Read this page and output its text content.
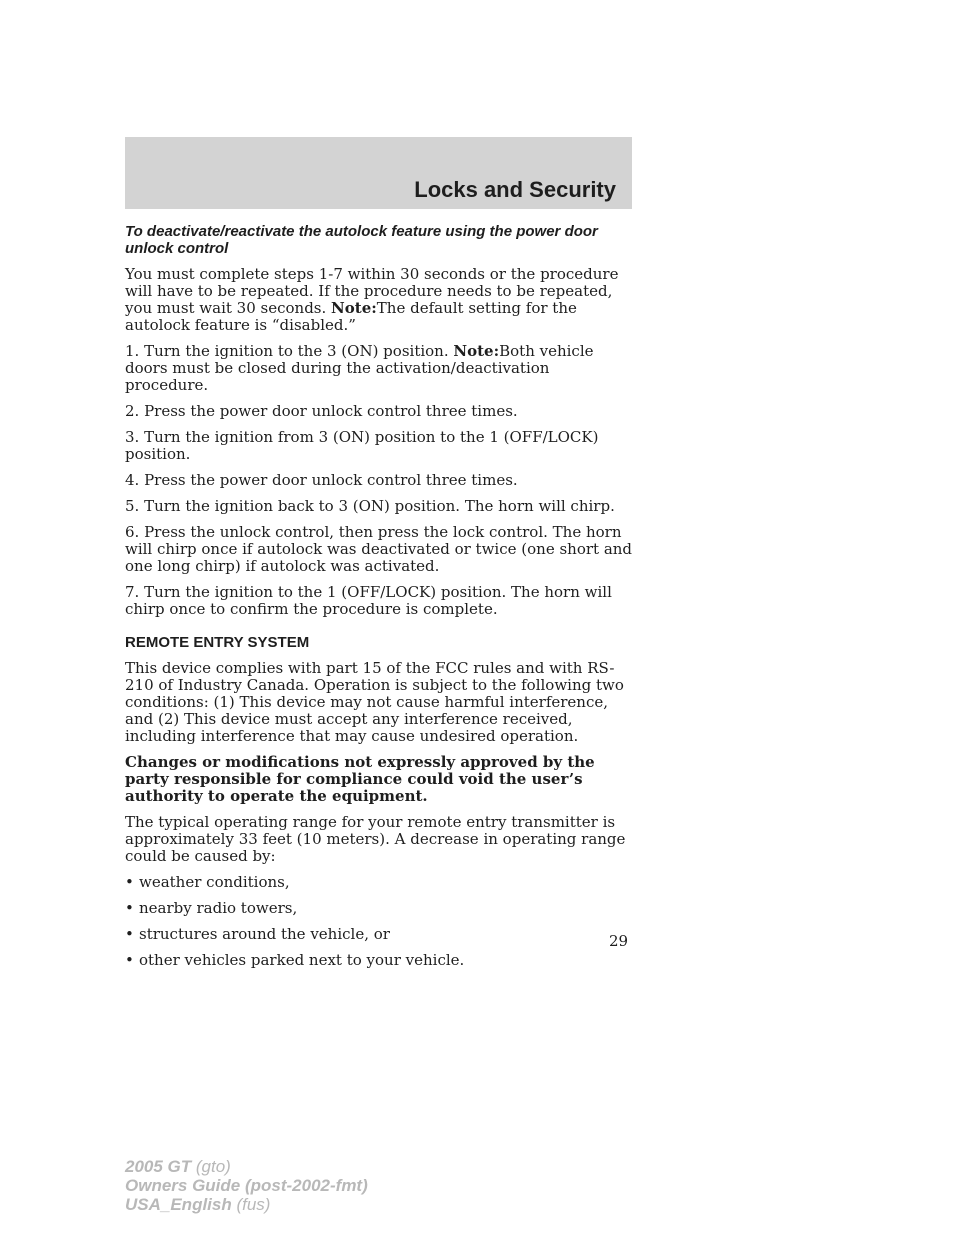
Locks and Security
To deactivate/reactivate the autolock feature using the power door
unlock control

You must complete steps 1-7 within 30 seconds or the procedure will have to be repeated. If the procedure needs to be repeated, you must wait 30 seconds. Note:The default setting for the autolock feature is “disabled.”

1. Turn the ignition to the 3 (ON) position. Note:Both vehicle doors must be closed during the activation/deactivation procedure.

2. Press the power door unlock control three times.

3. Turn the ignition from 3 (ON) position to the 1 (OFF/LOCK) position.

4. Press the power door unlock control three times.

5. Turn the ignition back to 3 (ON) position. The horn will chirp.

6. Press the unlock control, then press the lock control. The horn will chirp once if autolock was deactivated or twice (one short and one long chirp) if autolock was activated.

7. Turn the ignition to the 1 (OFF/LOCK) position. The horn will chirp once to confirm the procedure is complete.

REMOTE ENTRY SYSTEM

This device complies with part 15 of the FCC rules and with RS-210 of Industry Canada. Operation is subject to the following two conditions: (1) This device may not cause harmful interference, and (2) This device must accept any interference received, including interference that may cause undesired operation.

Changes or modifications not expressly approved by the party responsible for compliance could void the user’s authority to operate the equipment.

The typical operating range for your remote entry transmitter is approximately 33 feet (10 meters). A decrease in operating range could be caused by:

• weather conditions,
• nearby radio towers,
• structures around the vehicle, or
• other vehicles parked next to your vehicle.
29
2005 GT (gto)
Owners Guide (post-2002-fmt)
USA_English (fus)
